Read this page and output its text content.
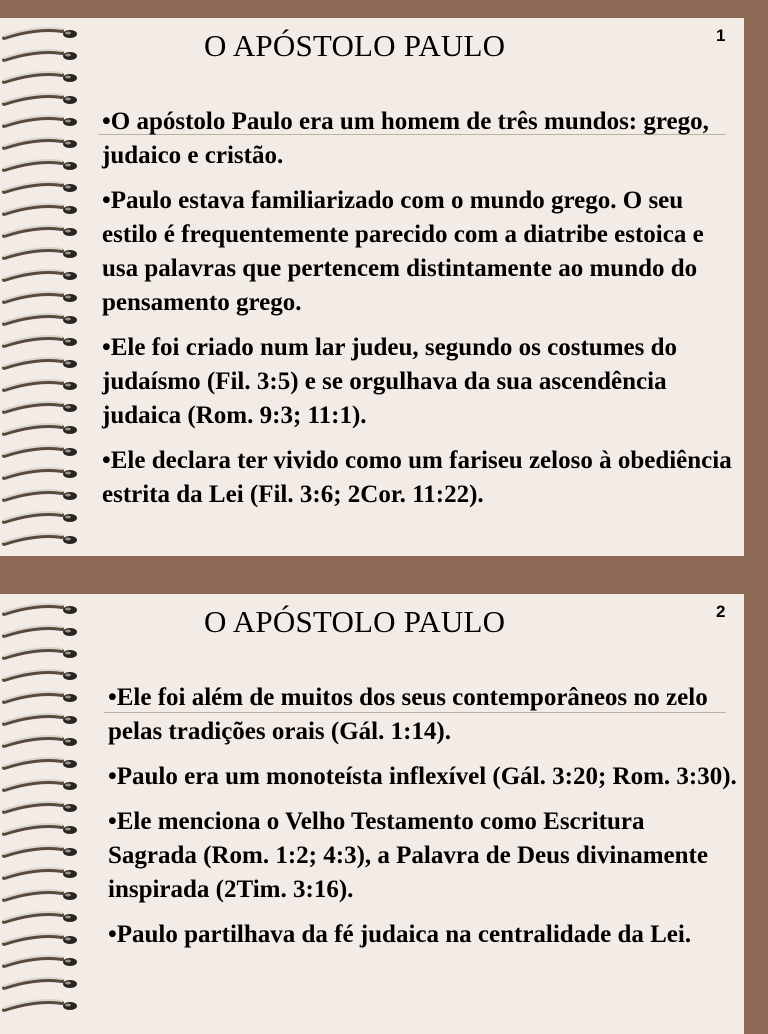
O APÓSTOLO PAULO	1

•O apóstolo Paulo era um homem de três mundos: grego, judaico e cristão.

•Paulo estava familiarizado com o mundo grego. O seu estilo é frequentemente parecido com a diatribe estoica e usa palavras que pertencem distintamente ao mundo do pensamento grego.

•Ele foi criado num lar judeu, segundo os costumes do judaísmo (Fil. 3:5) e se orgulhava da sua ascendência judaica (Rom. 9:3; 11:1).

•Ele declara ter vivido como um fariseu zeloso à obediência estrita da Lei (Fil. 3:6; 2Cor. 11:22).

O APÓSTOLO PAULO	2

•Ele foi além de muitos dos seus contemporâneos no zelo pelas tradições orais (Gál. 1:14).

•Paulo era um monoteísta inflexível (Gál. 3:20; Rom. 3:30).

•Ele menciona o Velho Testamento como Escritura Sagrada (Rom. 1:2; 4:3), a Palavra de Deus divinamente inspirada (2Tim. 3:16).

•Paulo partilhava da fé judaica na centralidade da Lei.
